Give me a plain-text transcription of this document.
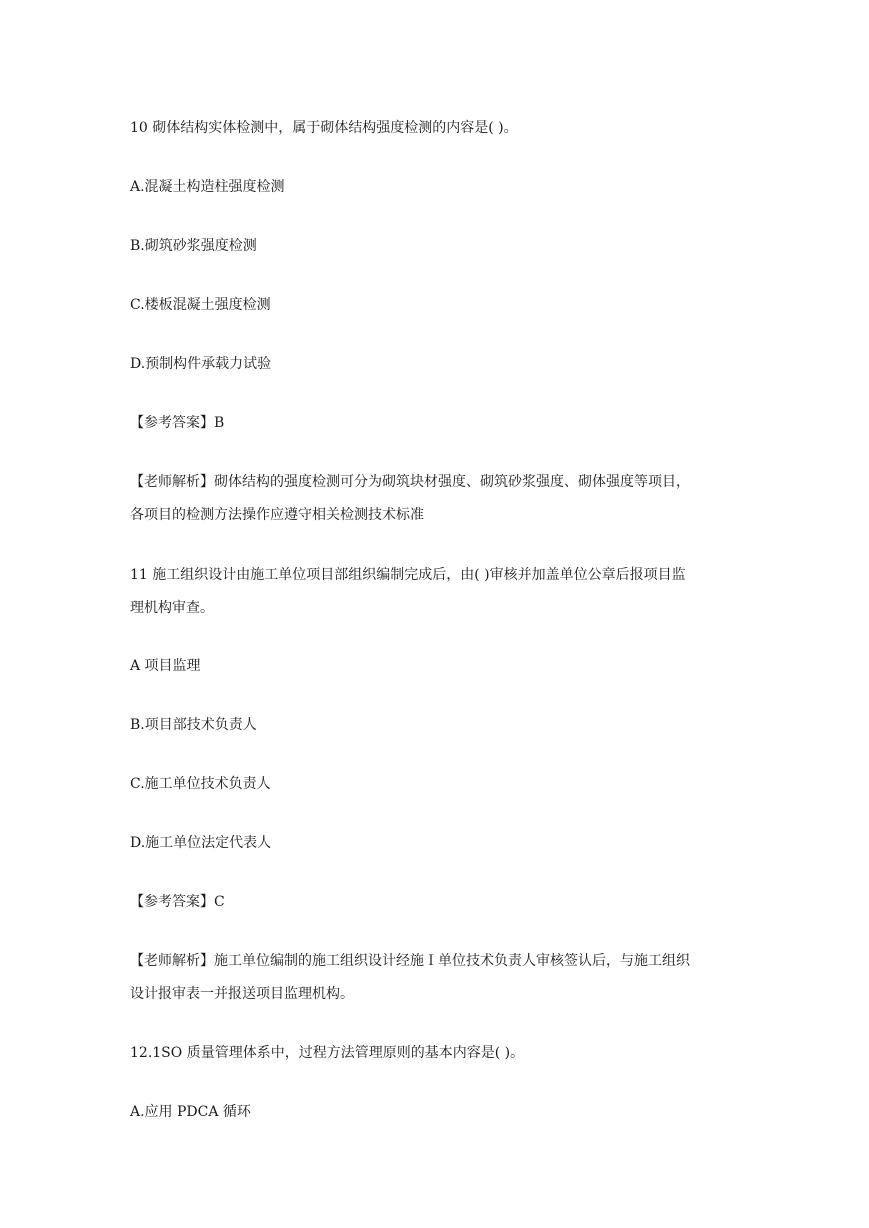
10 砌体结构实体检测中，属于砌体结构强度检测的内容是( )。
A.混凝土构造柱强度检测
B.砌筑砂浆强度检测
C.楼板混凝土强度检测
D.预制构件承载力试验
【参考答案】B
【老师解析】砌体结构的强度检测可分为砌筑块材强度、砌筑砂浆强度、砌体强度等项目，
各项目的检测方法操作应遵守相关检测技术标准
11 施工组织设计由施工单位项目部组织编制完成后，由( )审核并加盖单位公章后报项目监
理机构审查。
A 项目监理
B.项目部技术负责人
C.施工单位技术负责人
D.施工单位法定代表人
【参考答案】C
【老师解析】施工单位编制的施工组织设计经施Ｉ单位技术负责人审核签认后，与施工组织
设计报审表一并报送项目监理机构。
12.1SO 质量管理体系中，过程方法管理原则的基本内容是( )。
A.应用 PDCA 循环
